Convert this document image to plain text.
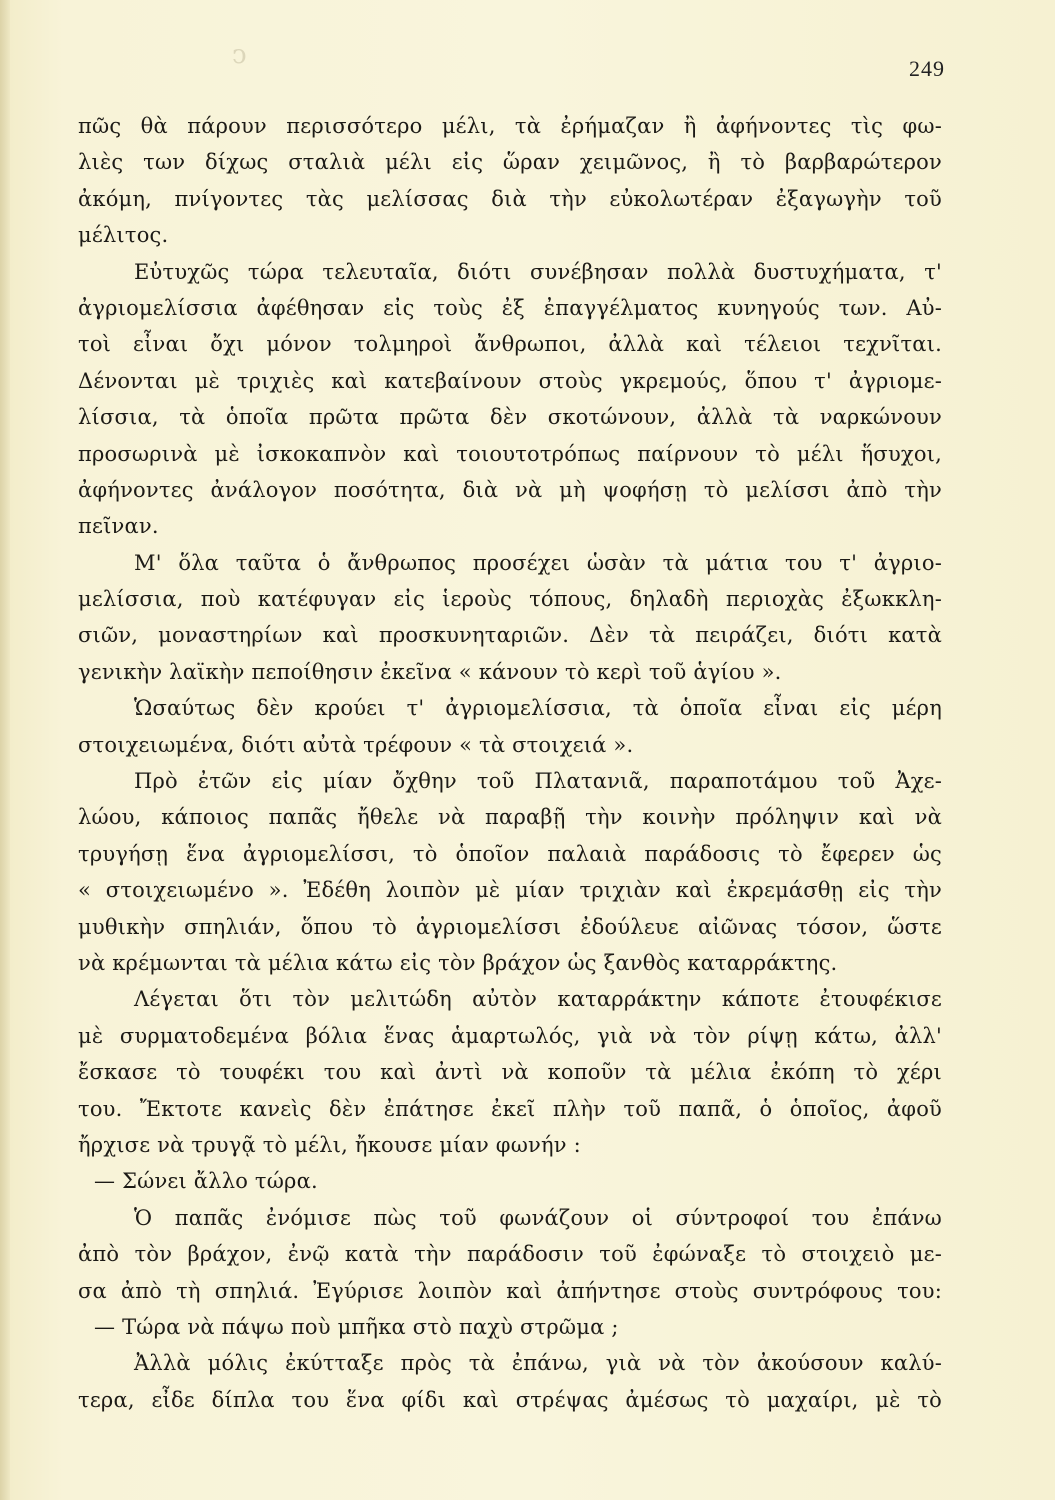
ↄ	249
πῶς θὰ πάρουν περισσότερο μέλι, τὰ ἐρήμαζαν ἢ ἀφήνοντες τὶς φω-
λιὲς των δίχως σταλιὰ μέλι εἰς ὥραν χειμῶνος, ἢ τὸ βαρβαρώτερον
ἀκόμη, πνίγοντες τὰς μελίσσας διὰ τὴν εὐκολωτέραν ἐξαγωγὴν τοῦ
μέλιτος.
Εὐτυχῶς τώρα τελευταῖα, διότι συνέβησαν πολλὰ δυστυχήματα, τ'
ἀγριομελίσσια ἀφέθησαν εἰς τοὺς ἐξ ἐπαγγέλματος κυνηγούς των. Αὐ-
τοὶ εἶναι ὄχι μόνον τολμηροὶ ἄνθρωποι, ἀλλὰ καὶ τέλειοι τεχνῖται.
Δένονται μὲ τριχιὲς καὶ κατεβαίνουν στοὺς γκρεμούς, ὅπου τ' ἀγριομε-
λίσσια, τὰ ὁποῖα πρῶτα πρῶτα δὲν σκοτώνουν, ἀλλὰ τὰ ναρκώνουν
προσωρινὰ μὲ ἰσκοκαπνὸν καὶ τοιουτοτρόπως παίρνουν τὸ μέλι ἥσυχοι,
ἀφήνοντες ἀνάλογον ποσότητα, διὰ νὰ μὴ ψοφήσῃ τὸ μελίσσι ἀπὸ τὴν
πεῖναν.
Μ' ὅλα ταῦτα ὁ ἄνθρωπος προσέχει ὡσὰν τὰ μάτια του τ' ἀγριο-
μελίσσια, ποὺ κατέφυγαν εἰς ἱεροὺς τόπους, δηλαδὴ περιοχὰς ἐξωκκλη-
σιῶν, μοναστηρίων καὶ προσκυνηταριῶν. Δὲν τὰ πειράζει, διότι κατὰ
γενικὴν λαϊκὴν πεποίθησιν ἐκεῖνα « κάνουν τὸ κερὶ τοῦ ἁγίου ».
Ὡσαύτως δὲν κρούει τ' ἀγριομελίσσια, τὰ ὁποῖα εἶναι εἰς μέρη
στοιχειωμένα, διότι αὐτὰ τρέφουν « τὰ στοιχειά ».
Πρὸ ἐτῶν εἰς μίαν ὄχθην τοῦ Πλατανιᾶ, παραποτάμου τοῦ Ἀχε-
λώου, κάποιος παπᾶς ἤθελε νὰ παραβῇ τὴν κοινὴν πρόληψιν καὶ νὰ
τρυγήσῃ ἕνα ἀγριομελίσσι, τὸ ὁποῖον παλαιὰ παράδοσις τὸ ἔφερεν ὡς
« στοιχειωμένο ». Ἐδέθη λοιπὸν μὲ μίαν τριχιὰν καὶ ἐκρεμάσθῃ εἰς τὴν
μυθικὴν σπηλιάν, ὅπου τὸ ἀγριομελίσσι ἐδούλευε αἰῶνας τόσον, ὥστε
νὰ κρέμωνται τὰ μέλια κάτω εἰς τὸν βράχον ὡς ξανθὸς καταρράκτης.
Λέγεται ὅτι τὸν μελιτώδη αὐτὸν καταρράκτην κάποτε ἐτουφέκισε
μὲ συρματοδεμένα βόλια ἕνας ἁμαρτωλός, γιὰ νὰ τὸν ρίψῃ κάτω, ἀλλ'
ἔσκασε τὸ τουφέκι του καὶ ἀντὶ νὰ κοποῦν τὰ μέλια ἐκόπη τὸ χέρι
του. Ἔκτοτε κανεὶς δὲν ἐπάτησε ἐκεῖ πλὴν τοῦ παπᾶ, ὁ ὁποῖος, ἀφοῦ
ἤρχισε νὰ τρυγᾷ τὸ μέλι, ἤκουσε μίαν φωνήν :
— Σώνει ἄλλο τώρα.
Ὁ παπᾶς ἐνόμισε πὼς τοῦ φωνάζουν οἱ σύντροφοί του ἐπάνω
ἀπὸ τὸν βράχον, ἐνῷ κατὰ τὴν παράδοσιν τοῦ ἐφώναξε τὸ στοιχειὸ με-
σα ἀπὸ τὴ σπηλιά. Ἐγύρισε λοιπὸν καὶ ἀπήντησε στοὺς συντρόφους του:
— Τώρα νὰ πάψω ποὺ μπῆκα στὸ παχὺ στρῶμα ;
Ἀλλὰ μόλις ἐκύτταξε πρὸς τὰ ἐπάνω, γιὰ νὰ τὸν ἀκούσουν καλύ-
τερα, εἶδε δίπλα του ἕνα φίδι καὶ στρέψας ἀμέσως τὸ μαχαίρι, μὲ τὸ
